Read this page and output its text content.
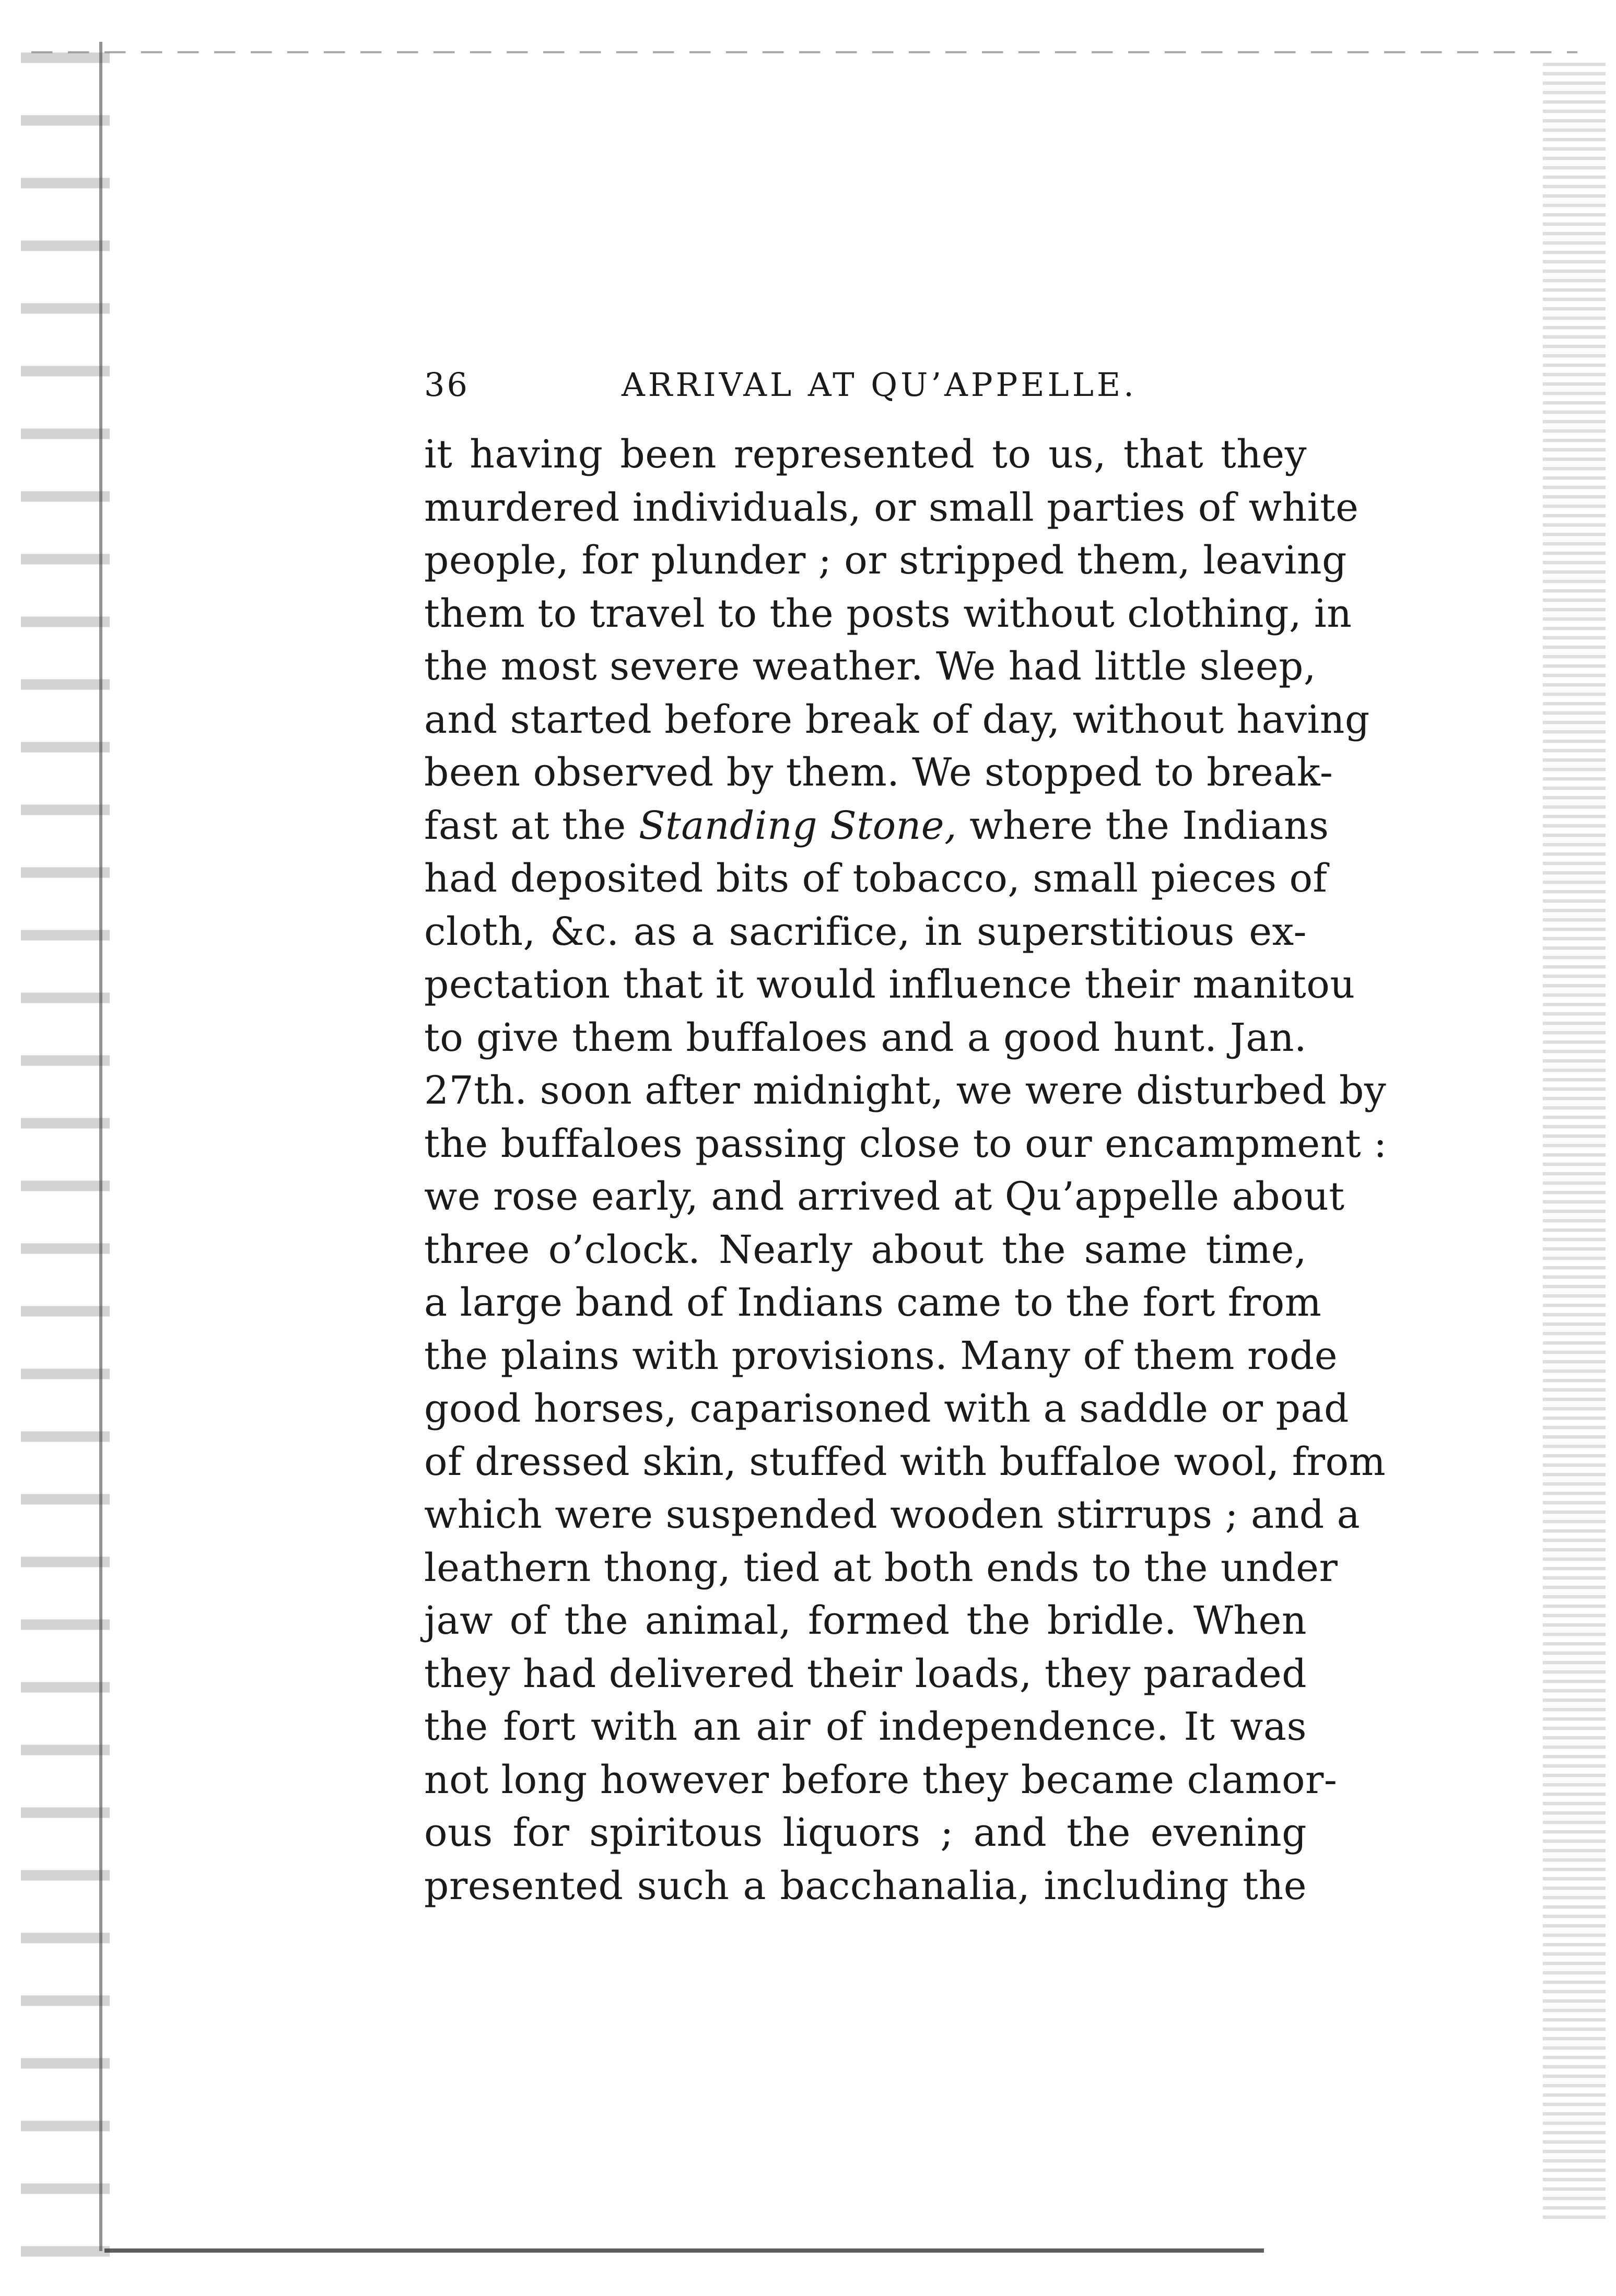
36	ARRIVAL AT QU’APPELLE.
it having been represented to us, that they
murdered individuals, or small parties of white
people, for plunder ; or stripped them, leaving
them to travel to the posts without clothing, in
the most severe weather. We had little sleep,
and started before break of day, without having
been observed by them. We stopped to break-
fast at the Standing Stone, where the Indians
had deposited bits of tobacco, small pieces of
cloth, &c. as a sacrifice, in superstitious ex-
pectation that it would influence their manitou
to give them buffaloes and a good hunt. Jan.
27th. soon after midnight, we were disturbed by
the buffaloes passing close to our encampment :
we rose early, and arrived at Qu’appelle about
three o’clock. Nearly about the same time,
a large band of Indians came to the fort from
the plains with provisions. Many of them rode
good horses, caparisoned with a saddle or pad
of dressed skin, stuffed with buffaloe wool, from
which were suspended wooden stirrups ; and a
leathern thong, tied at both ends to the under
jaw of the animal, formed the bridle. When
they had delivered their loads, they paraded
the fort with an air of independence. It was
not long however before they became clamor-
ous for spiritous liquors ; and the evening
presented such a bacchanalia, including the
